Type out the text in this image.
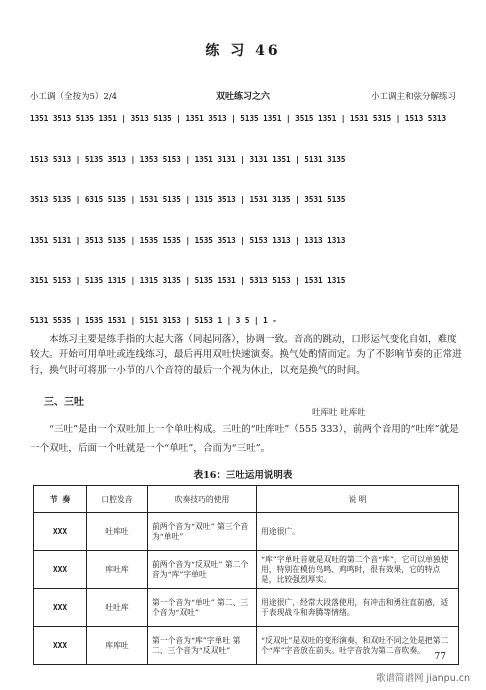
练 习 46
小工调（全按为5）2/4	双吐练习之六	小工调主和弦分解练习
1351 3513 5135 1351 | 3513 5135 | 1351 3513 | 5135 1351 | 3515 1351 | 1531 5315 | 1513 5313
1513 5313 | 5135 3513 | 1353 5153 | 1351 3131 | 3131 1351 | 5131 3135
3513 5135 | 6315 5135 | 1531 5135 | 1315 3513 | 1531 3135 | 3531 5135
1351 5131 | 3513 5135 | 1535 1535 | 1535 3513 | 5153 1313 | 1313 1313
3151 5153 | 5135 1315 | 1315 3135 | 5135 1531 | 5313 5153 | 1531 1315
5131 5535 | 1535 1531 | 5151 3153 | 5153 1 | 3 5 | 1 -
本练习主要是练手指的大起大落（同起同落），协调一致。音高的跳动，口形运气变化自如，难度较大。开始可用单吐或连线练习，最后再用双吐快速演奏。换气处酌情而定。为了不影响节奏的正常进行，换气时可将那一小节的八个音符的最后一个视为休止，以充是换气的时间。
三、三吐
吐库吐 吐库吐
“三吐”是由一个双吐加上一个单吐构成。三吐的“吐库吐”（555 333），前两个音用的“吐库”就是一个双吐，后面一个吐就是一个“单吐”，合而为“三吐”。
表16：三吐运用说明表
节 奏	口腔发音	吹奏技巧的使用	说 明
XXX	吐库吐	前两个音为“双吐” 第三个音为“单吐”	用途很广。
XXX	库吐库	前两个音为“反双吐” 第二个音为“库”字单吐	“库”字单吐音就是双吐的第二个音“库”，它可以单独使用，特别在模仿鸟鸣、鸡鸣时，很有效果，它的特点是，比较强烈厚实。
XXX	吐吐库	第一个音为“单吐” 第二、三个音为“双吐”	用途很广，经常大段落使用，有冲击和勇往直前感，适于表现战斗和奔腾等情绪。
XXX	库库吐	第一个音为“库”字单吐 第二、三个音为“反双吐”	“反双吐”是双吐的变形演奏，和双吐不同之处是把第二个“库”字音放在前头。吐字音放为第二音吹奏。
77
歌谱简谱网 jianpu.cn
